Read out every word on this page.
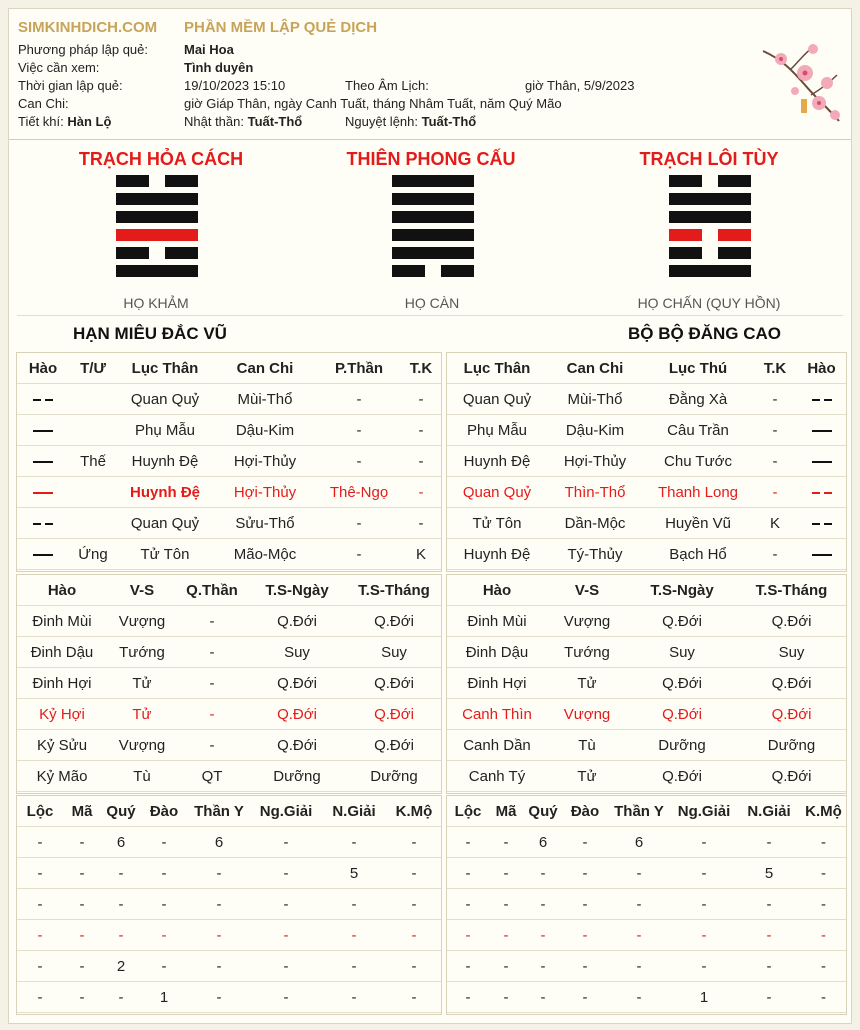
SIMKINHDICH.COM PHẦN MỀM LẬP QUẺ DỊCH
Phương pháp lập quẻ:	Mai Hoa
Việc cần xem:	Tình duyên
Thời gian lập quẻ:	19/10/2023 15:10	Theo Âm Lịch:	giờ Thân, 5/9/2023
Can Chi:	giờ Giáp Thân, ngày Canh Tuất, tháng Nhâm Tuất, năm Quý Mão
Tiết khí: Hàn Lộ	Nhật thần: Tuất-Thổ	Nguyệt lệnh: Tuất-Thổ
TRẠCH HỎA CÁCH
HỌ KHẢM
THIÊN PHONG CẤU
HỌ CÀN
TRẠCH LÔI TÙY
HỌ CHẤN (QUY HỒN)
HẠN MIÊU ĐẮC VŨ	BỘ BỘ ĐĂNG CAO
Hào	T/Ư	Lục Thân	Can Chi	P.Thần	T.K
		Quan Quỷ	Mùi-Thổ	-	-
		Phụ Mẫu	Dậu-Kim	-	-
	Thế	Huynh Đệ	Hợi-Thủy	-	-
		Huynh Đệ	Hợi-Thủy	Thê-Ngọ	-
		Quan Quỷ	Sửu-Thổ	-	-
	Ứng	Tử Tôn	Mão-Mộc	-	K
Lục Thân	Can Chi	Lục Thú	T.K	Hào
Quan Quỷ	Mùi-Thổ	Đằng Xà	-	
Phụ Mẫu	Dậu-Kim	Câu Trần	-	
Huynh Đệ	Hợi-Thủy	Chu Tước	-	
Quan Quỷ	Thìn-Thổ	Thanh Long	-	
Tử Tôn	Dần-Mộc	Huyền Vũ	K	
Huynh Đệ	Tý-Thủy	Bạch Hổ	-	
Hào	V-S	Q.Thần	T.S-Ngày	T.S-Tháng
Đinh Mùi	Vượng	-	Q.Đới	Q.Đới
Đinh Dậu	Tướng	-	Suy	Suy
Đinh Hợi	Tử	-	Q.Đới	Q.Đới
Kỷ Hợi	Tử	-	Q.Đới	Q.Đới
Kỷ Sửu	Vượng	-	Q.Đới	Q.Đới
Kỷ Mão	Tù	QT	Dưỡng	Dưỡng
Hào	V-S	T.S-Ngày	T.S-Tháng
Đinh Mùi	Vượng	Q.Đới	Q.Đới
Đinh Dậu	Tướng	Suy	Suy
Đinh Hợi	Tử	Q.Đới	Q.Đới
Canh Thìn	Vượng	Q.Đới	Q.Đới
Canh Dần	Tù	Dưỡng	Dưỡng
Canh Tý	Tử	Q.Đới	Q.Đới
Lộc	Mã	Quý	Đào	Thần Y	Ng.Giải	N.Giải	K.Mộ
-	-	6	-	6	-	-	-
-	-	-	-	-	-	5	-
-	-	-	-	-	-	-	-
-	-	-	-	-	-	-	-
-	-	2	-	-	-	-	-
-	-	-	1	-	-	-	-
Lộc	Mã	Quý	Đào	Thần Y	Ng.Giải	N.Giải	K.Mộ
-	-	6	-	6	-	-	-
-	-	-	-	-	-	5	-
-	-	-	-	-	-	-	-
-	-	-	-	-	-	-	-
-	-	-	-	-	-	-	-
-	-	-	-	-	1	-	-
